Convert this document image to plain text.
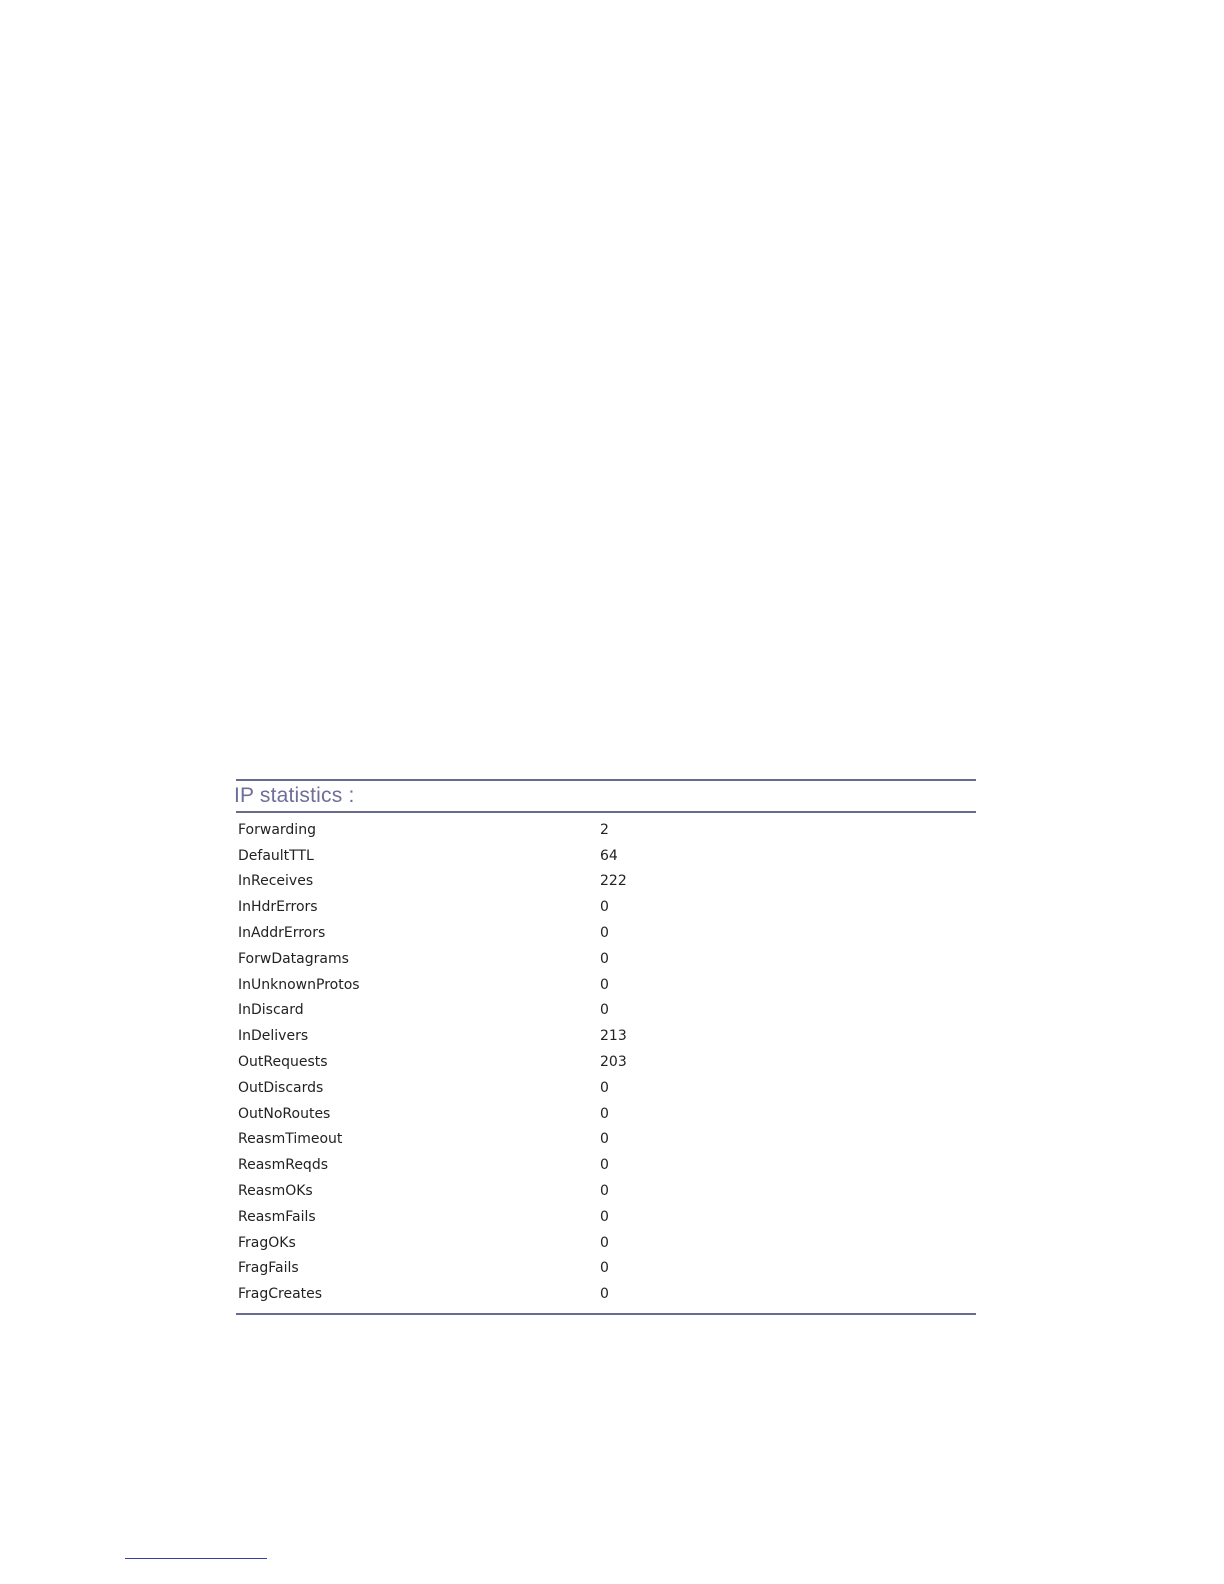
IP statistics :
Forwarding	2
DefaultTTL	64
InReceives	222
InHdrErrors	0
InAddrErrors	0
ForwDatagrams	0
InUnknownProtos	0
InDiscard	0
InDelivers	213
OutRequests	203
OutDiscards	0
OutNoRoutes	0
ReasmTimeout	0
ReasmReqds	0
ReasmOKs	0
ReasmFails	0
FragOKs	0
FragFails	0
FragCreates	0
